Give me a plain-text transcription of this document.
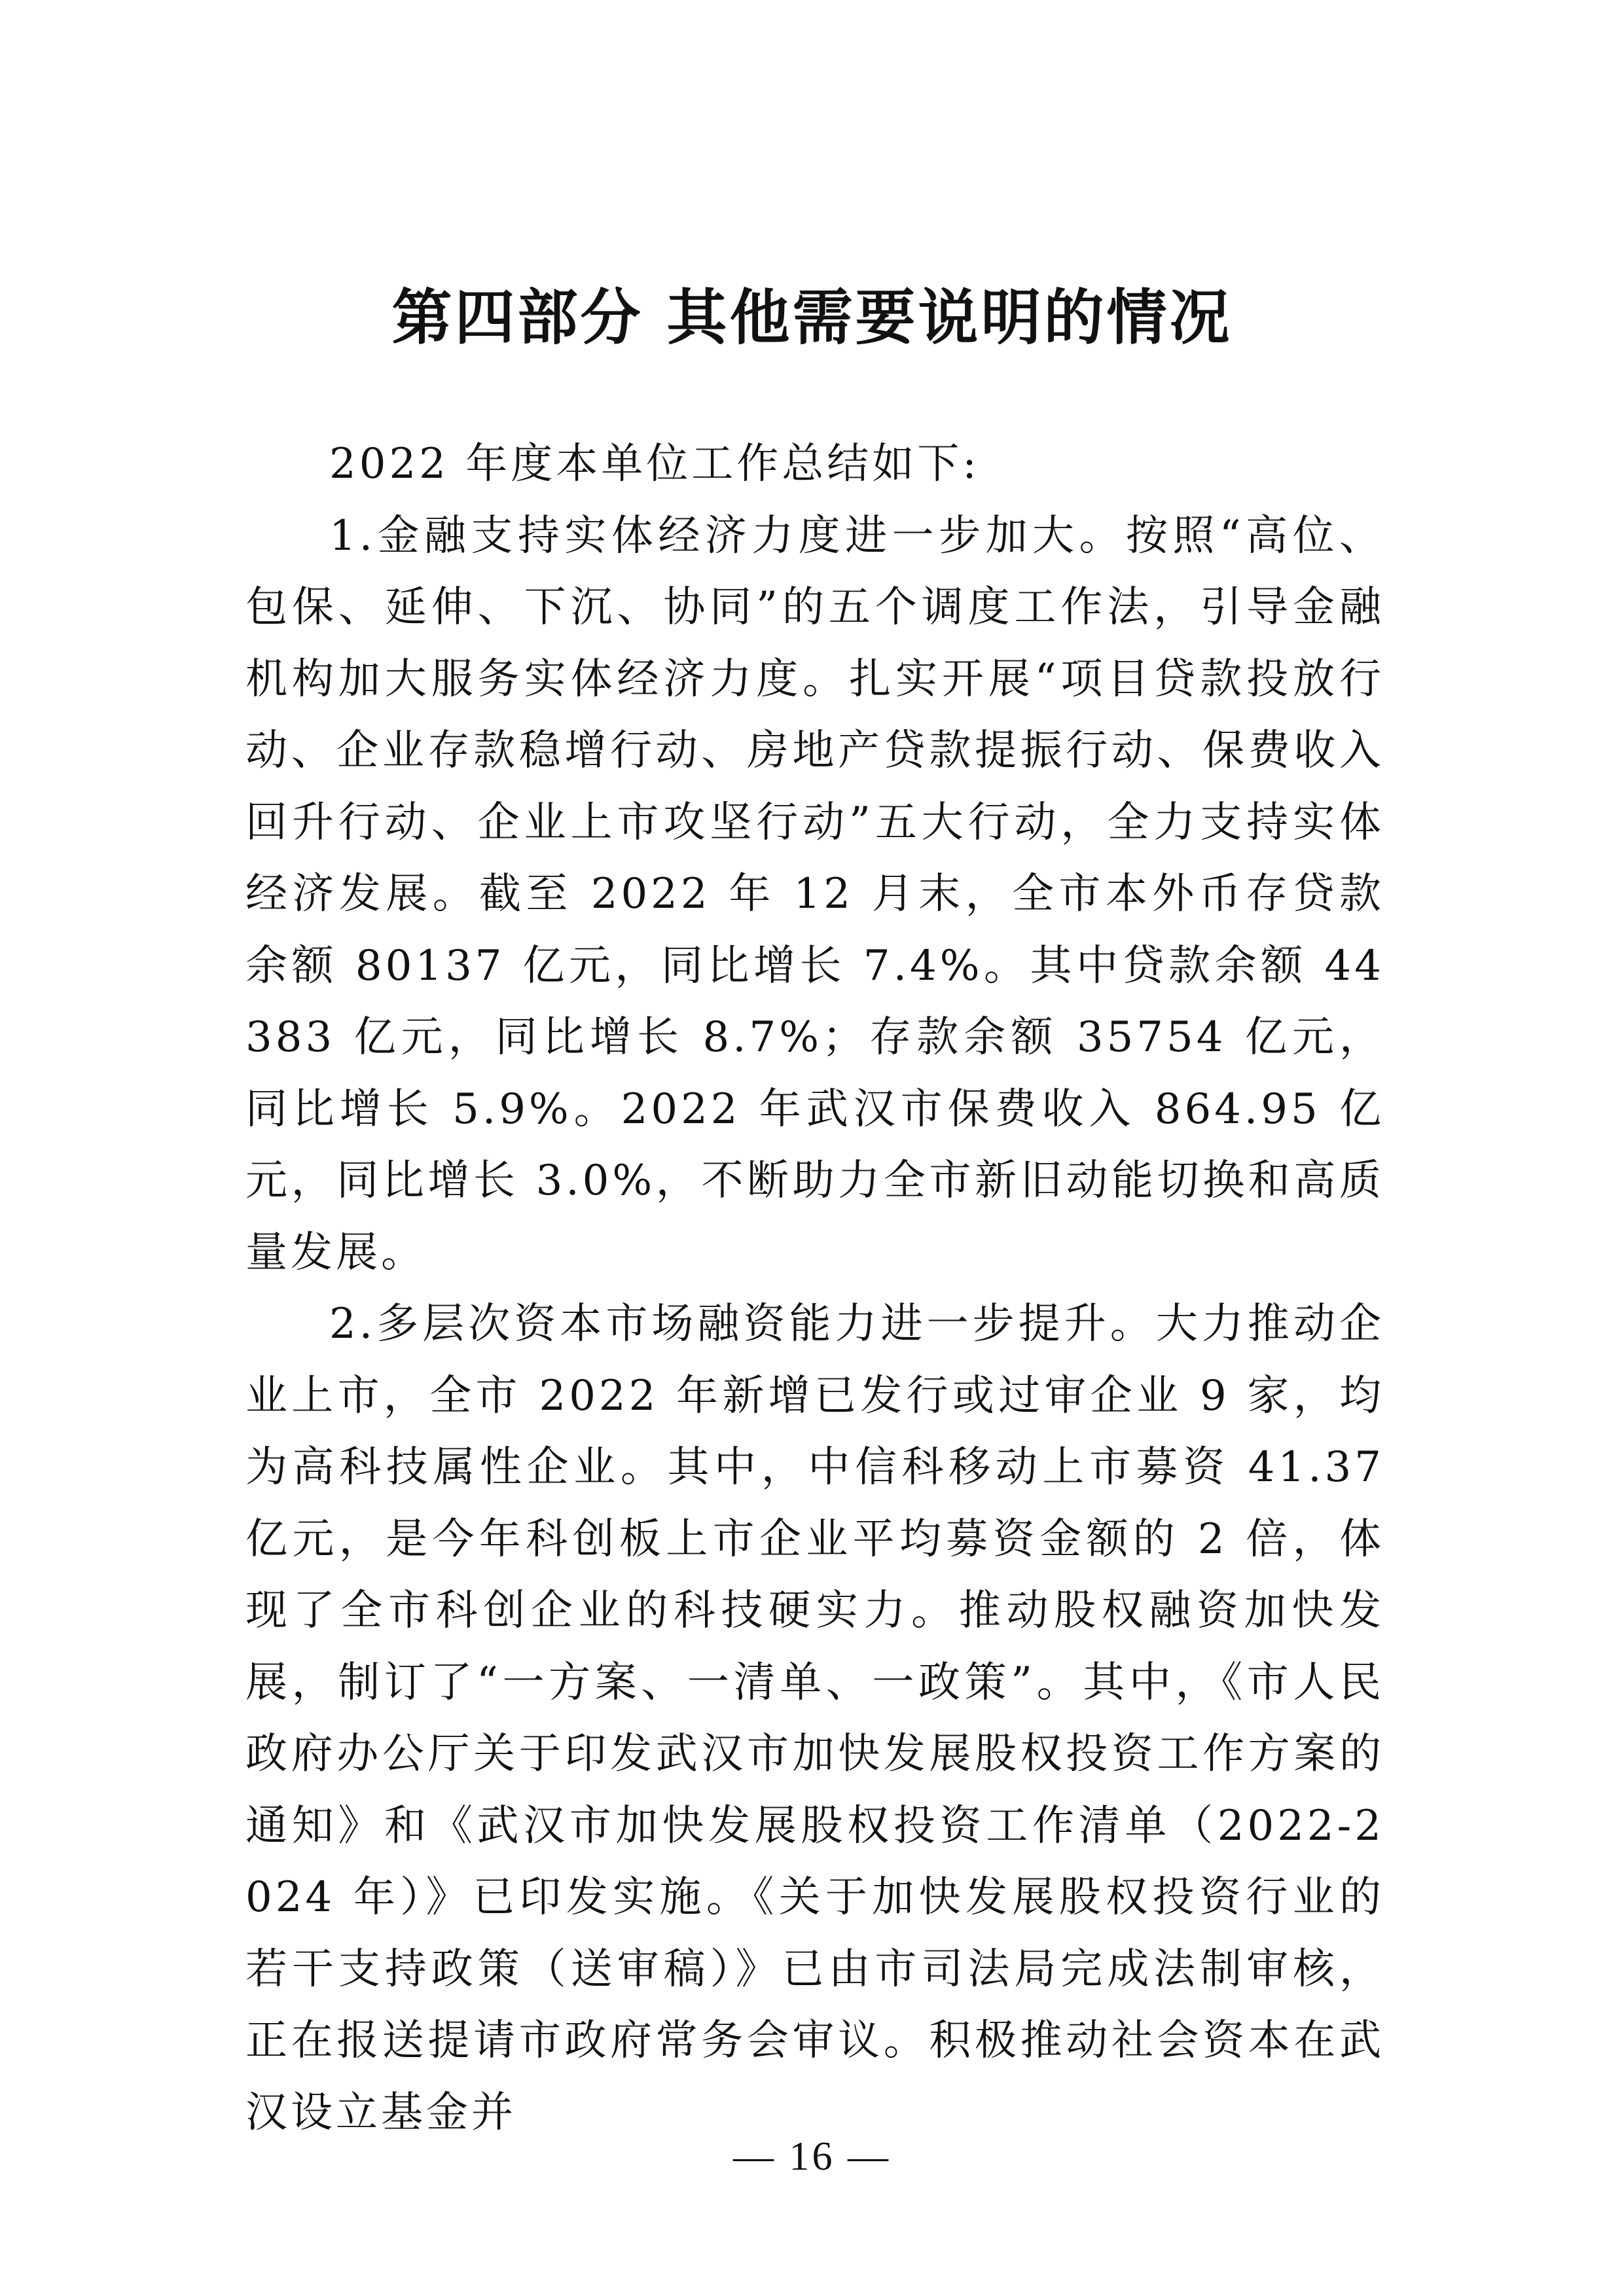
第四部分 其他需要说明的情况

2022 年度本单位工作总结如下:

1.金融支持实体经济力度进一步加大。按照“高位、包保、延伸、下沉、协同”的五个调度工作法，引导金融机构加大服务实体经济力度。扎实开展“项目贷款投放行动、企业存款稳增行动、房地产贷款提振行动、保费收入回升行动、企业上市攻坚行动”五大行动，全力支持实体经济发展。截至 2022 年 12 月末，全市本外币存贷款余额 80137 亿元，同比增长 7.4%。其中贷款余额 44383 亿元，同比增长 8.7%；存款余额 35754 亿元，同比增长 5.9%。2022 年武汉市保费收入 864.95 亿元，同比增长 3.0%，不断助力全市新旧动能切换和高质量发展。

2.多层次资本市场融资能力进一步提升。大力推动企业上市，全市 2022 年新增已发行或过审企业 9 家，均为高科技属性企业。其中，中信科移动上市募资 41.37 亿元，是今年科创板上市企业平均募资金额的 2 倍，体现了全市科创企业的科技硬实力。推动股权融资加快发展，制订了“一方案、一清单、一政策”。其中，《市人民政府办公厅关于印发武汉市加快发展股权投资工作方案的通知》和《武汉市加快发展股权投资工作清单（2022-2024 年）》已印发实施。《关于加快发展股权投资行业的若干支持政策（送审稿）》已由市司法局完成法制审核，正在报送提请市政府常务会审议。积极推动社会资本在武汉设立基金并

— 16 —
